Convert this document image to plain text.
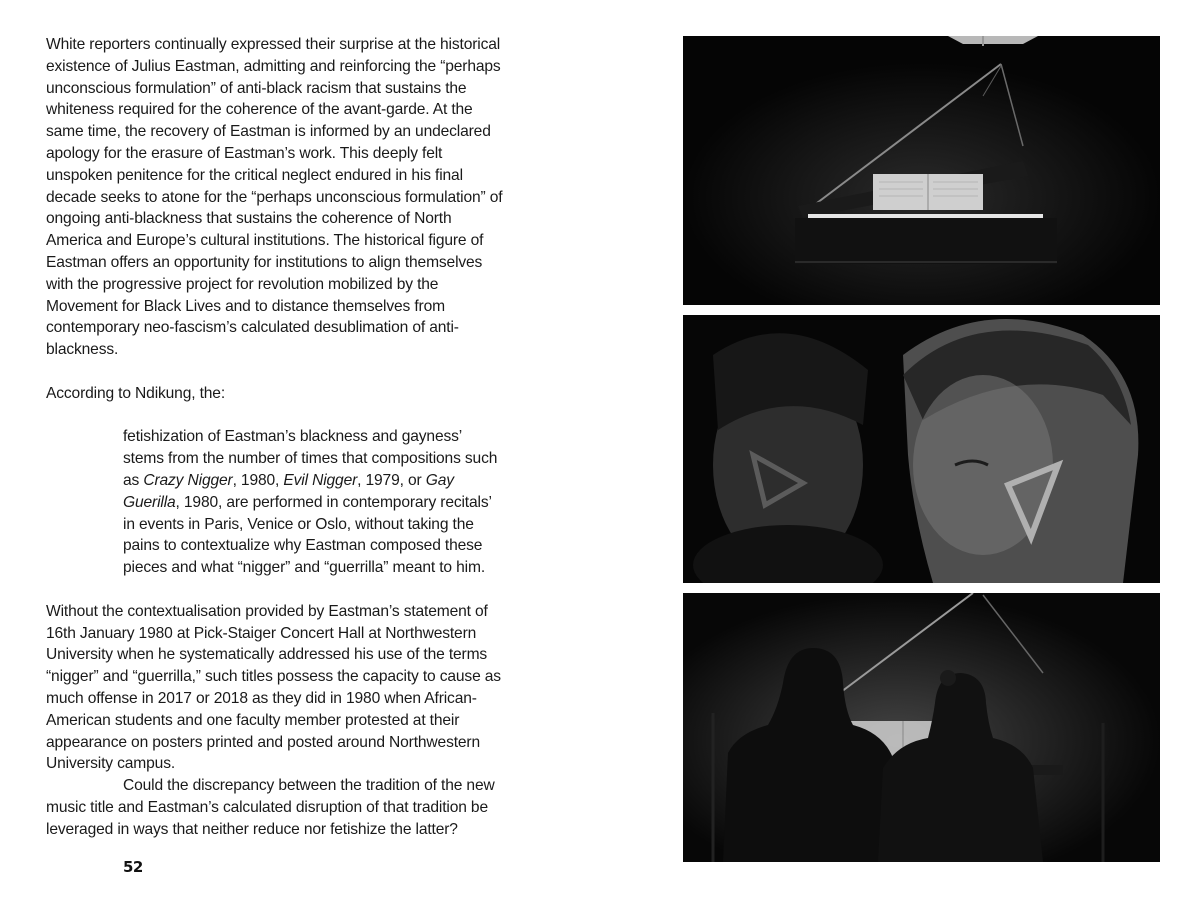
White reporters continually expressed their surprise at the historical existence of Julius Eastman, admitting and reinforcing the “perhaps unconscious formulation” of anti-black racism that sustains the whiteness required for the coherence of the avant-garde. At the same time, the recovery of Eastman is informed by an undeclared apology for the erasure of Eastman’s work. This deeply felt unspoken penitence for the critical neglect endured in his final decade seeks to atone for the “perhaps unconscious formulation” of ongoing anti-blackness that sustains the coherence of North America and Europe’s cultural institutions. The historical figure of Eastman offers an opportunity for institutions to align themselves with the progressive project for revolution mobilized by the Movement for Black Lives and to distance themselves from contemporary neo-fascism’s calculated desublimation of anti-blackness.

According to Ndikung, the:

fetishization of Eastman’s blackness and gayness’ stems from the number of times that compositions such as Crazy Nigger, 1980, Evil Nigger, 1979, or Gay Guerilla, 1980, are performed in contemporary recitals’ in events in Paris, Venice or Oslo, without taking the pains to contextualize why Eastman composed these pieces and what “nigger” and “guerrilla” meant to him.

Without the contextualisation provided by Eastman’s statement of 16th January 1980 at Pick-Staiger Concert Hall at Northwestern University when he systematically addressed his use of the terms “nigger” and “guerrilla,” such titles possess the capacity to cause as much offense in 2017 or 2018 as they did in 1980 when African-American students and one faculty member protested at their appearance on posters printed and posted around Northwestern University campus.

Could the discrepancy between the tradition of the new music title and Eastman’s calculated disruption of that tradition be leveraged in ways that neither reduce nor fetishize the latter?

52
